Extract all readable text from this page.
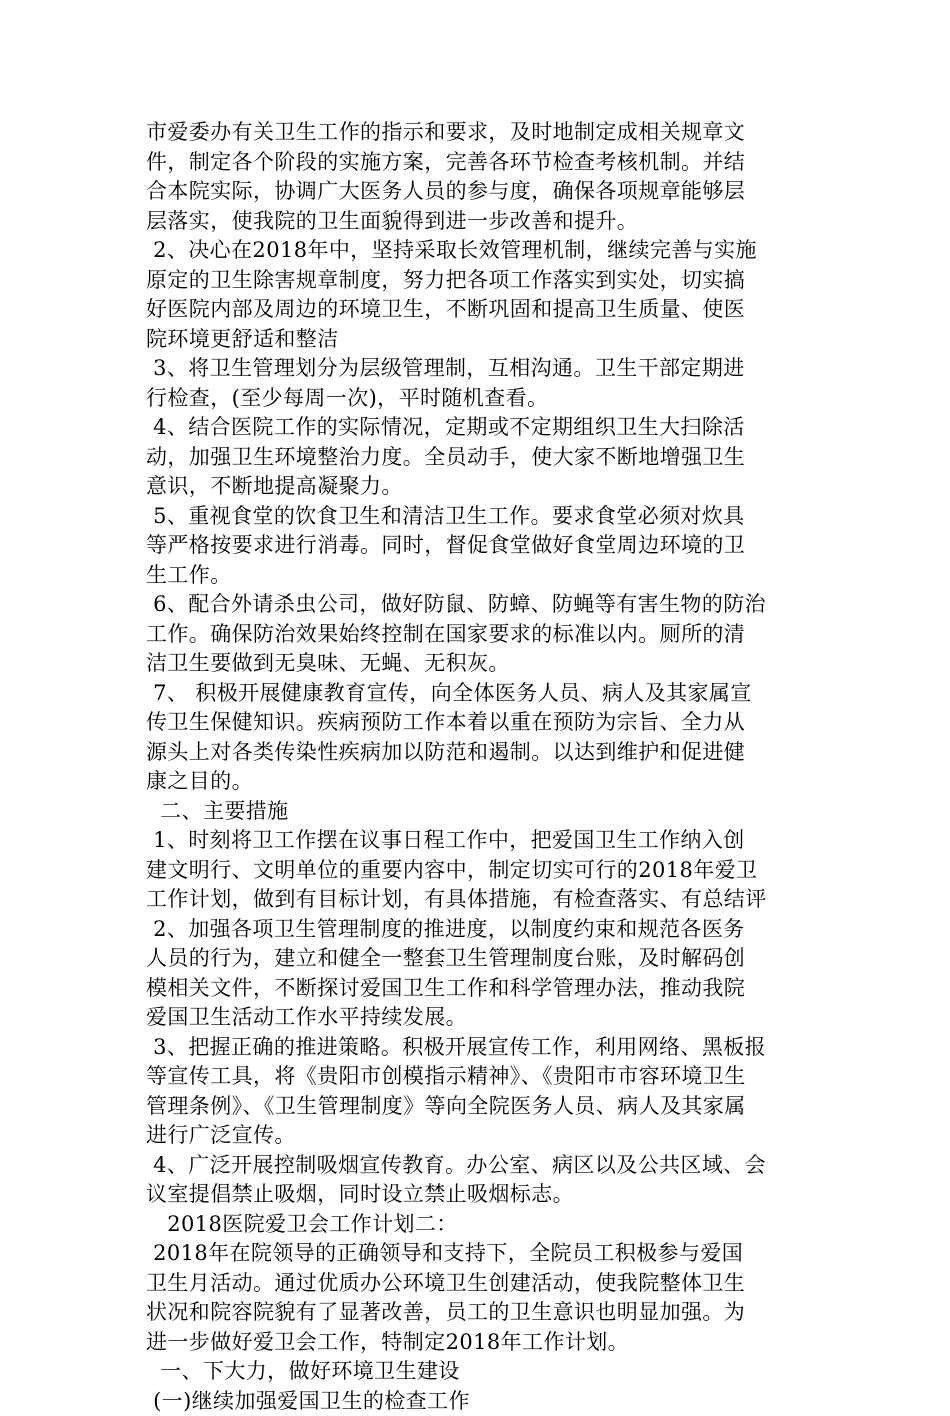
市爱委办有关卫生工作的指示和要求，及时地制定成相关规章文
件，制定各个阶段的实施方案，完善各环节检查考核机制。并结
合本院实际，协调广大医务人员的参与度，确保各项规章能够层
层落实，使我院的卫生面貌得到进一步改善和提升。
2、决心在2018年中，坚持采取长效管理机制，继续完善与实施
原定的卫生除害规章制度，努力把各项工作落实到实处，切实搞
好医院内部及周边的环境卫生，不断巩固和提高卫生质量、使医
院环境更舒适和整洁
3、将卫生管理划分为层级管理制，互相沟通。卫生干部定期进
行检查，(至少每周一次)，平时随机查看。
4、结合医院工作的实际情况，定期或不定期组织卫生大扫除活
动，加强卫生环境整治力度。全员动手，使大家不断地增强卫生
意识，不断地提高凝聚力。
5、重视食堂的饮食卫生和清洁卫生工作。要求食堂必须对炊具
等严格按要求进行消毒。同时，督促食堂做好食堂周边环境的卫
生工作。
6、配合外请杀虫公司，做好防鼠、防蟑、防蝇等有害生物的防治
工作。确保防治效果始终控制在国家要求的标准以内。厕所的清
洁卫生要做到无臭味、无蝇、无积灰。
7、 积极开展健康教育宣传，向全体医务人员、病人及其家属宣
传卫生保健知识。疾病预防工作本着以重在预防为宗旨、全力从
源头上对各类传染性疾病加以防范和遏制。以达到维护和促进健
康之目的。
二、主要措施
1、时刻将卫工作摆在议事日程工作中，把爱国卫生工作纳入创
建文明行、文明单位的重要内容中，制定切实可行的2018年爱卫
工作计划，做到有目标计划，有具体措施，有检查落实、有总结评
2、加强各项卫生管理制度的推进度，以制度约束和规范各医务
人员的行为，建立和健全一整套卫生管理制度台账，及时解码创
模相关文件，不断探讨爱国卫生工作和科学管理办法，推动我院
爱国卫生活动工作水平持续发展。
3、把握正确的推进策略。积极开展宣传工作，利用网络、黑板报
等宣传工具，将《贵阳市创模指示精神》、《贵阳市市容环境卫生
管理条例》、《卫生管理制度》等向全院医务人员、病人及其家属
进行广泛宣传。
4、广泛开展控制吸烟宣传教育。办公室、病区以及公共区域、会
议室提倡禁止吸烟，同时设立禁止吸烟标志。
2018医院爱卫会工作计划二：
2018年在院领导的正确领导和支持下，全院员工积极参与爱国
卫生月活动。通过优质办公环境卫生创建活动，使我院整体卫生
状况和院容院貌有了显著改善，员工的卫生意识也明显加强。为
进一步做好爱卫会工作，特制定2018年工作计划。
一、下大力，做好环境卫生建设
(一)继续加强爱国卫生的检查工作
